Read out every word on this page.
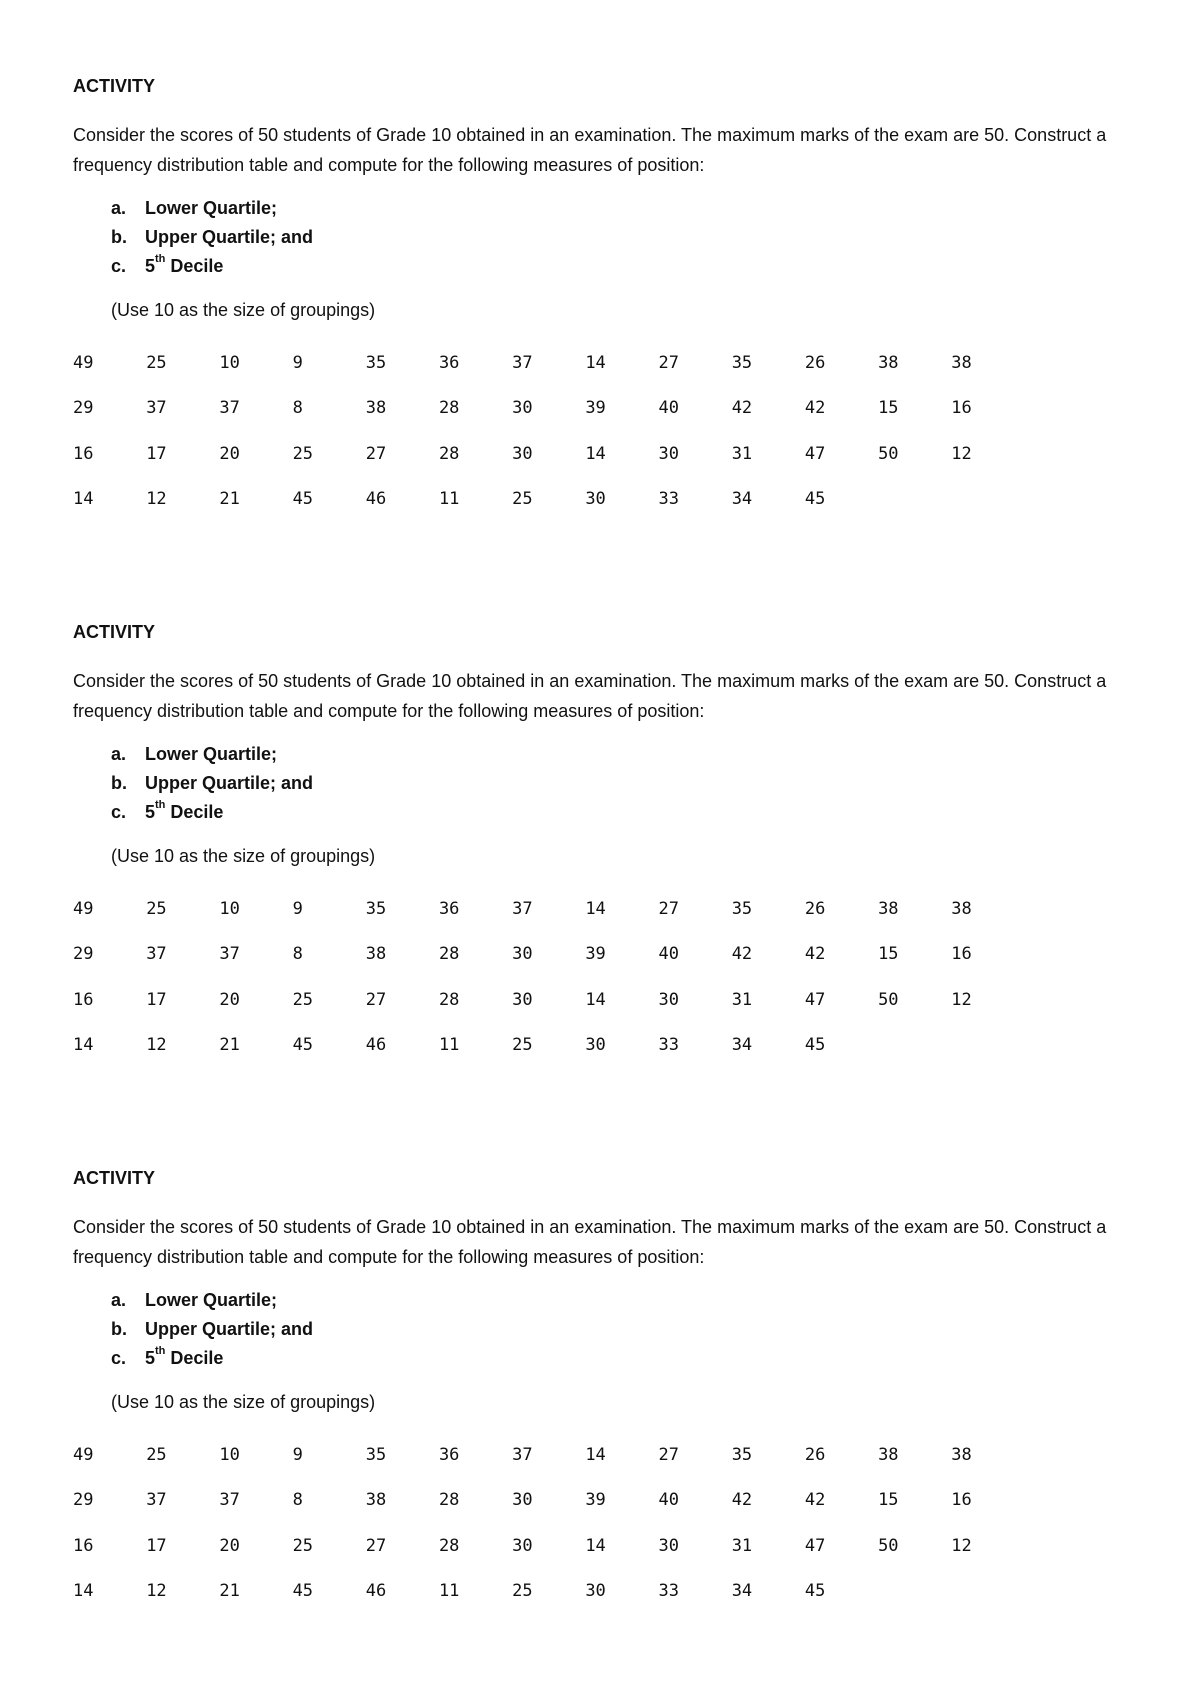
ACTIVITY
Consider the scores of 50 students of Grade 10 obtained in an examination. The maximum marks of the exam are 50. Construct a frequency distribution table and compute for the following measures of position:
a.	Lower Quartile;
b.	Upper Quartile; and
c.	5th Decile
(Use 10 as the size of groupings)
49	25	10	9	35	36	37	14	27	35	26	38	38
29	37	37	8	38	28	30	39	40	42	42	15	16
16	17	20	25	27	28	30	14	30	31	47	50	12
14	12	21	45	46	11	25	30	33	34	45		
ACTIVITY
Consider the scores of 50 students of Grade 10 obtained in an examination. The maximum marks of the exam are 50. Construct a frequency distribution table and compute for the following measures of position:
a.	Lower Quartile;
b.	Upper Quartile; and
c.	5th Decile
(Use 10 as the size of groupings)
49	25	10	9	35	36	37	14	27	35	26	38	38
29	37	37	8	38	28	30	39	40	42	42	15	16
16	17	20	25	27	28	30	14	30	31	47	50	12
14	12	21	45	46	11	25	30	33	34	45		
ACTIVITY
Consider the scores of 50 students of Grade 10 obtained in an examination. The maximum marks of the exam are 50. Construct a frequency distribution table and compute for the following measures of position:
a.	Lower Quartile;
b.	Upper Quartile; and
c.	5th Decile
(Use 10 as the size of groupings)
49	25	10	9	35	36	37	14	27	35	26	38	38
29	37	37	8	38	28	30	39	40	42	42	15	16
16	17	20	25	27	28	30	14	30	31	47	50	12
14	12	21	45	46	11	25	30	33	34	45		
